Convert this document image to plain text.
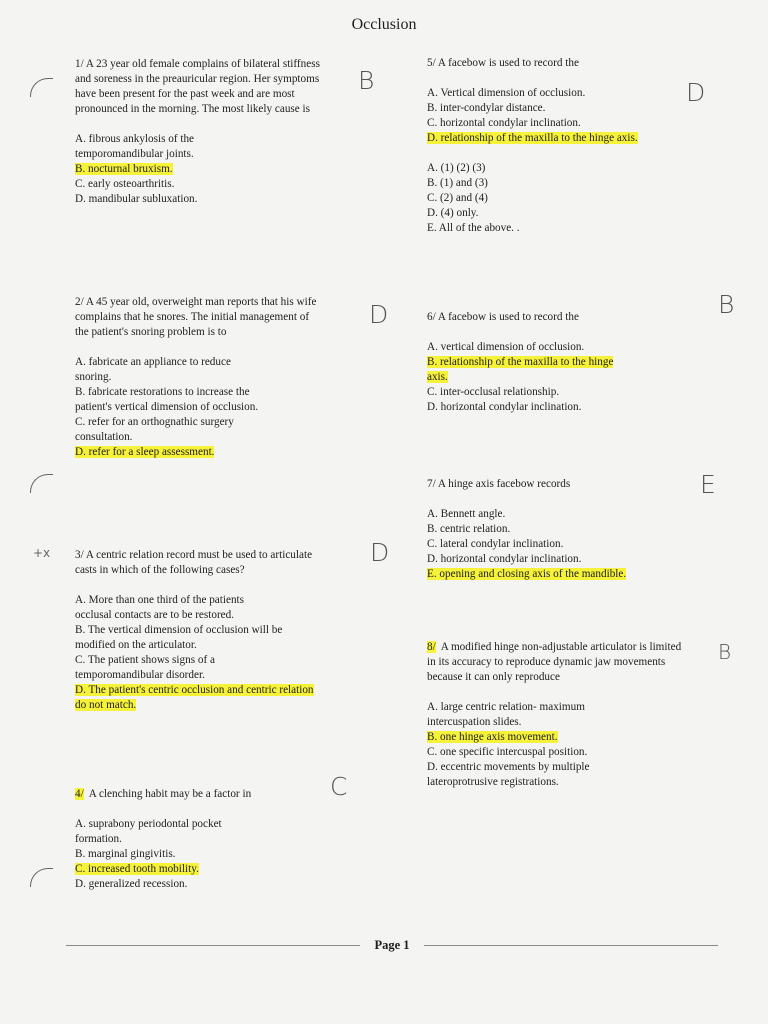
Occlusion

1/ A 23 year old female complains of bilateral stiffness and soreness in the preauricular region. Her symptoms have been present for the past week and are most pronounced in the morning. The most likely cause is

A. fibrous ankylosis of the temporomandibular joints.

B. nocturnal bruxism.

C. early osteoarthritis.

D. mandibular subluxation.

B

2/ A 45 year old, overweight man reports that his wife complains that he snores. The initial management of the patient's snoring problem is to

A. fabricate an appliance to reduce snoring.

B. fabricate restorations to increase the patient's vertical dimension of occlusion.

C. refer for an orthognathic surgery consultation.

D. refer for a sleep assessment.

D

3/ A centric relation record must be used to articulate casts in which of the following cases?

A. More than one third of the patients occlusal contacts are to be restored.

B. The vertical dimension of occlusion will be modified on the articulator.

C. The patient shows signs of a temporomandibular disorder.

D. The patient's centric occlusion and centric relation do not match.

D
+x

4/ A clenching habit may be a factor in

A. suprabony periodontal pocket formation.

B. marginal gingivitis.

C. increased tooth mobility.

D. generalized recession.

C

5/ A facebow is used to record the

A. Vertical dimension of occlusion.

B. inter-condylar distance.

C. horizontal condylar inclination.

D. relationship of the maxilla to the hinge axis.

A. (1) (2) (3)

B. (1) and (3)

C. (2) and (4)

D. (4) only.

E. All of the above. .

D

6/ A facebow is used to record the

A. vertical dimension of occlusion.

B. relationship of the maxilla to the hinge axis.

C. inter-occlusal relationship.

D. horizontal condylar inclination.

B

7/ A hinge axis facebow records

A. Bennett angle.

B. centric relation.

C. lateral condylar inclination.

D. horizontal condylar inclination.

E. opening and closing axis of the mandible.

E

8/ A modified hinge non-adjustable articulator is limited in its accuracy to reproduce dynamic jaw movements because it can only reproduce

A. large centric relation- maximum intercuspation slides.

B. one hinge axis movement.

C. one specific intercuspal position.

D. eccentric movements by multiple lateroprotrusive registrations.

B
Page 1
